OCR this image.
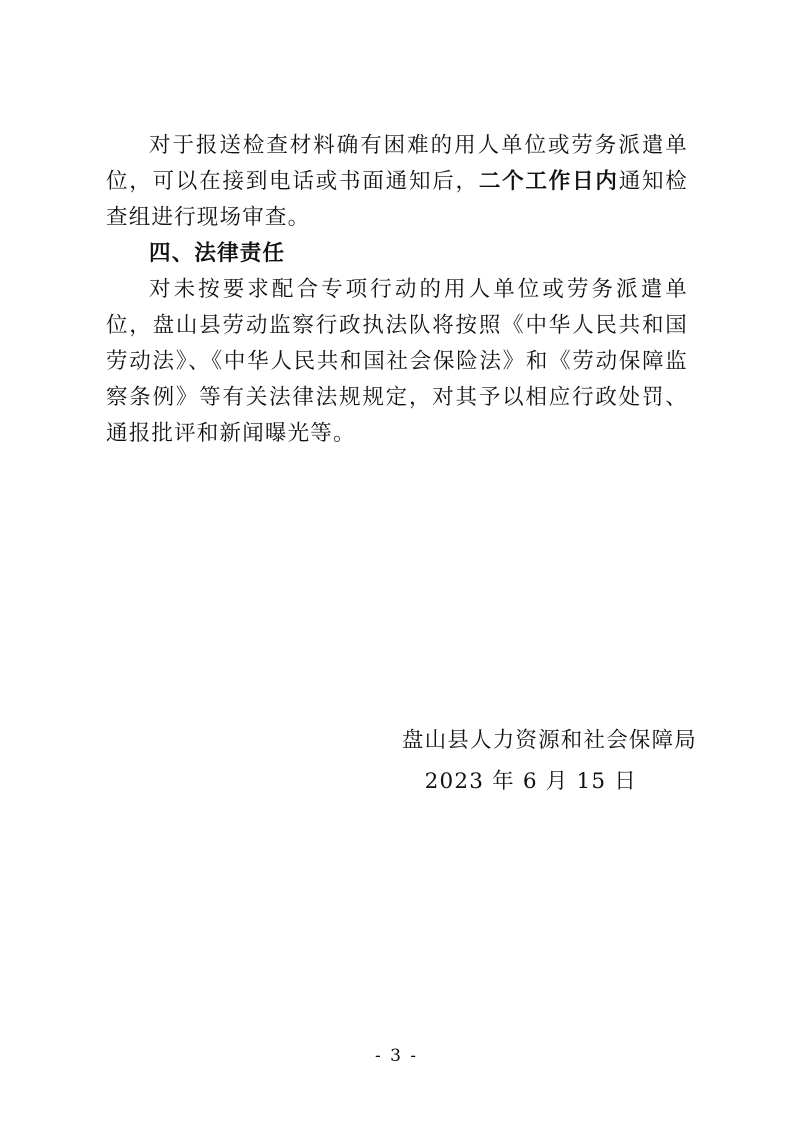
对于报送检查材料确有困难的用人单位或劳务派遣单位，可以在接到电话或书面通知后，二个工作日内通知检查组进行现场审查。

四、法律责任

对未按要求配合专项行动的用人单位或劳务派遣单位，盘山县劳动监察行政执法队将按照《中华人民共和国劳动法》、《中华人民共和国社会保险法》和《劳动保障监察条例》等有关法律法规规定，对其予以相应行政处罚、通报批评和新闻曝光等。

盘山县人力资源和社会保障局
2023 年 6 月 15 日
- 3 -
